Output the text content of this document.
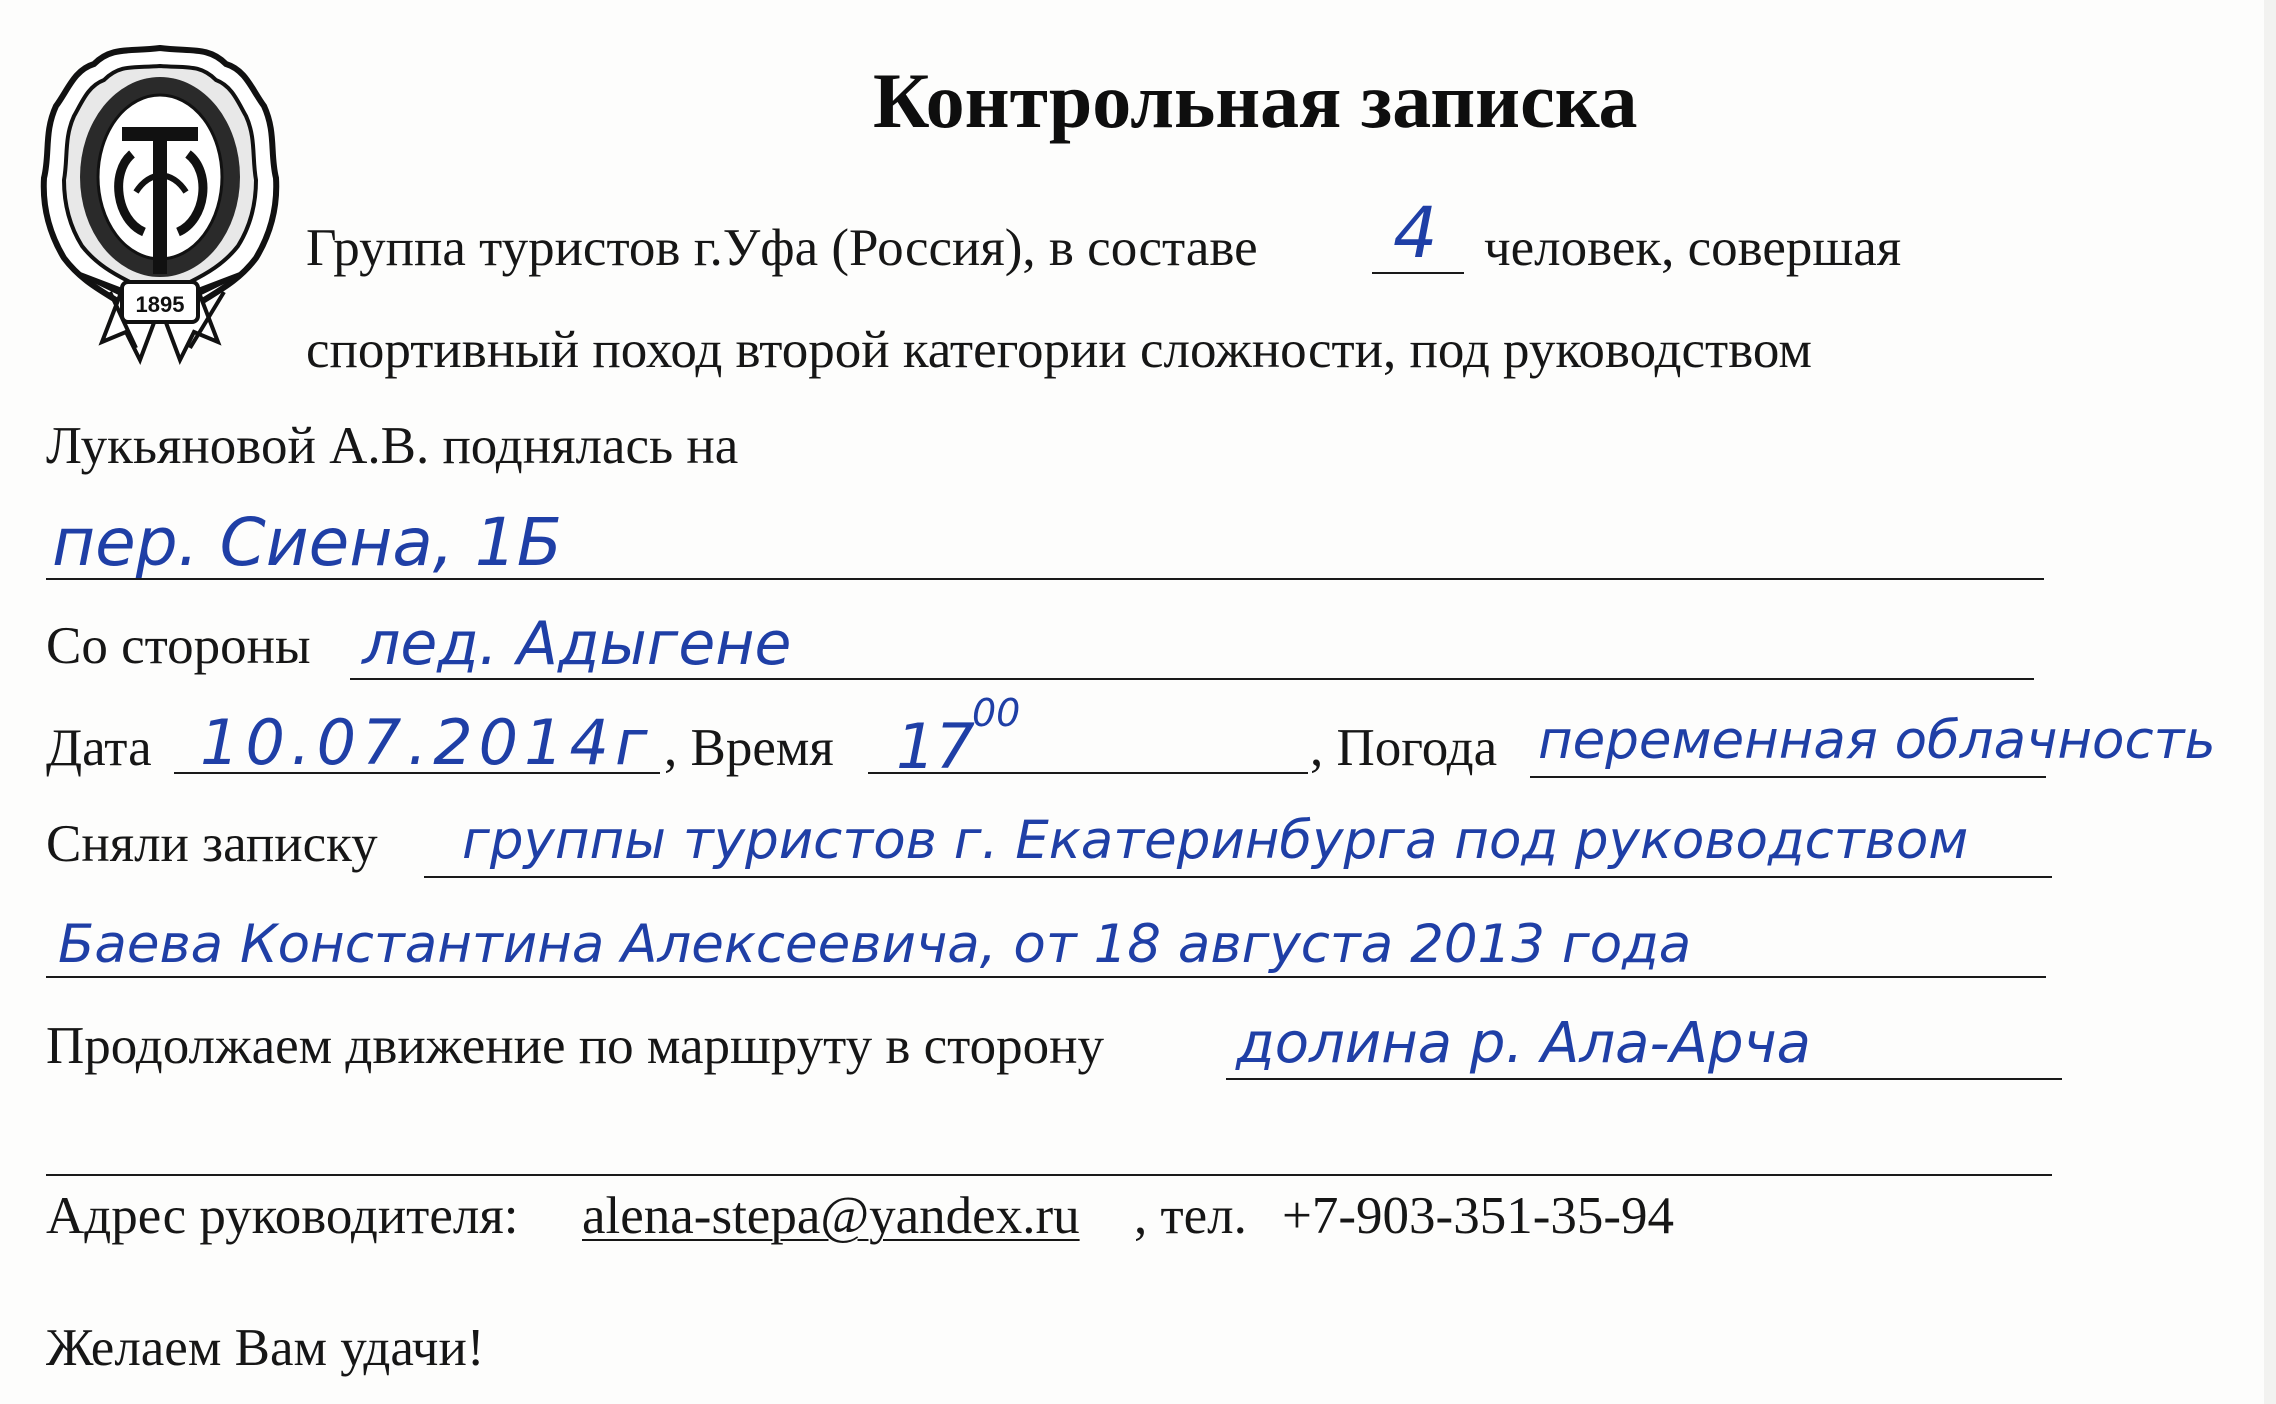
1895
Контрольная записка
Группа туристов г.Уфа (Россия), в составе 4 человек, совершая
спортивный поход второй категории сложности, под руководством
Лукьяновой А.В. поднялась на
пер. Сиена, 1Б
Со стороны лед. Адыгене
Дата 10.07.2014г , Время 17
00
, Погода переменная облачность
Сняли записку группы туристов г. Екатеринбурга под руководством
Баева Константина Алексеевича, от 18 августа 2013 года
Продолжаем движение по маршруту в сторону долина р. Ала-Арча
Адрес руководителя: alena-stepa@yandex.ru , тел. +7-903-351-35-94
Желаем Вам удачи!
